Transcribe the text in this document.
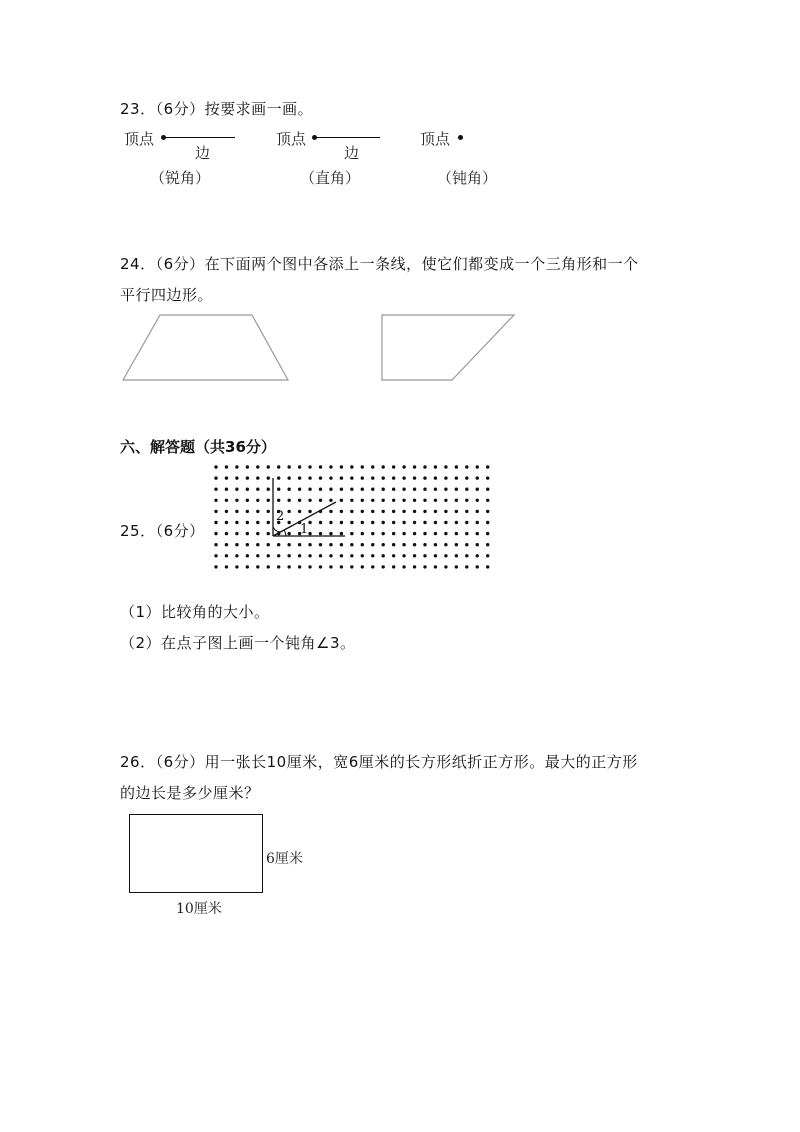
23．（6分）按要求画一画。
顶点
边
（锐角）
顶点
边
（直角）
顶点
（钝角）
24．（6分）在下面两个图中各添上一条线，使它们都变成一个三角形和一个
平行四边形。
六、解答题（共36分）
25．（6分）
2
1
（1）比较角的大小。
（2）在点子图上画一个钝角∠3。
26．（6分）用一张长10厘米，宽6厘米的长方形纸折正方形。最大的正方形
的边长是多少厘米？
6厘米
10厘米
